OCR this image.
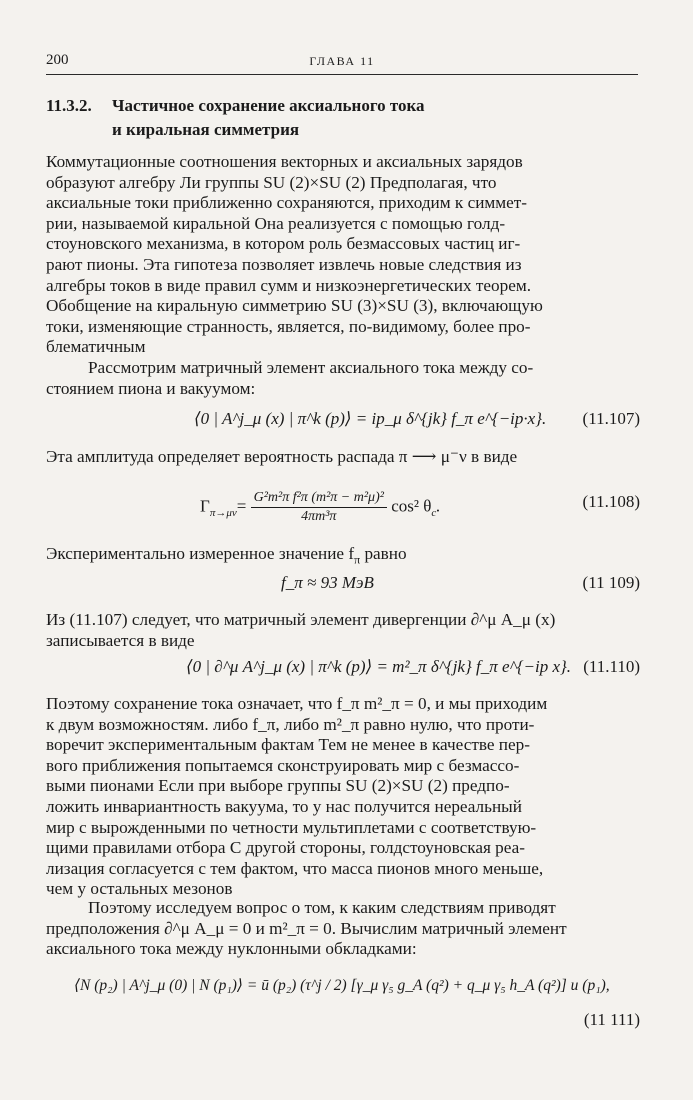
200	ГЛАВА 11
11.3.2. Частичное сохранение аксиального тока
и киральная симметрия
Коммутационные соотношения векторных и аксиальных зарядов
образуют алгебру Ли группы SU (2)×SU (2) Предполагая, что
аксиальные токи приближенно сохраняются, приходим к симмет-
рии, называемой киральной Она реализуется с помощью голд-
стоуновского механизма, в котором роль безмассовых частиц иг-
рают пионы. Эта гипотеза позволяет извлечь новые следствия из
алгебры токов в виде правил сумм и низкоэнергетических теорем.
Обобщение на киральную симметрию SU (3)×SU (3), включающую
токи, изменяющие странность, является, по-видимому, более про-
блематичным
Рассмотрим матричный элемент аксиального тока между со-
стоянием пиона и вакуумом:
⟨0 | A^j_μ (x) | π^k (p)⟩ = ip_μ δ^{jk} f_π e^{−ip·x}. (11.107)
Эта амплитуда определяет вероятность распада π ⟶ μ⁻ν в виде
$\Gamma_{\pi\to\mu\nu}= \frac{\text{G²m²π f²π (m²π − m²μ)²}}{\text{4πm³π}} \cos^2$ $\theta_c$.	(11.108)
Экспериментально измеренное значение $f_\pi$ равно
f_π ≈ 93 МэВ	(11 109)
Из (11.107) следует, что матричный элемент дивергенции ∂^μ A_μ (x)
записывается в виде
⟨0 | ∂^μ A^j_μ (x) | π^k (p)⟩ = m²_π δ^{jk} f_π e^{−ip x}. (11.110)
Поэтому сохранение тока означает, что f_π m²_π = 0, и мы приходим
к двум возможностям. либо f_π, либо m²_π равно нулю, что проти-
воречит экспериментальным фактам Тем не менее в качестве пер-
вого приближения попытаемся сконструировать мир с безмассо-
выми пионами Если при выборе группы SU (2)×SU (2) предпо-
ложить инвариантность вакуума, то у нас получится нереальный
мир с вырожденными по четности мультиплетами с соответствую-
щими правилами отбора С другой стороны, голдстоуновская реа-
лизация согласуется с тем фактом, что масса пионов много меньше,
чем у остальных мезонов
Поэтому исследуем вопрос о том, к каким следствиям приводят
предположения ∂^μ A_μ = 0 и m²_π = 0. Вычислим матричный элемент
аксиального тока между нуклонными обкладками:
⟨N (p₂) | A^j_μ (0) | N (p₁)⟩ = ū (p₂) (τ^j / 2) [γ_μ γ₅ g_A (q²) + q_μ γ₅ h_A (q²)] u (p₁),
(11 111)
